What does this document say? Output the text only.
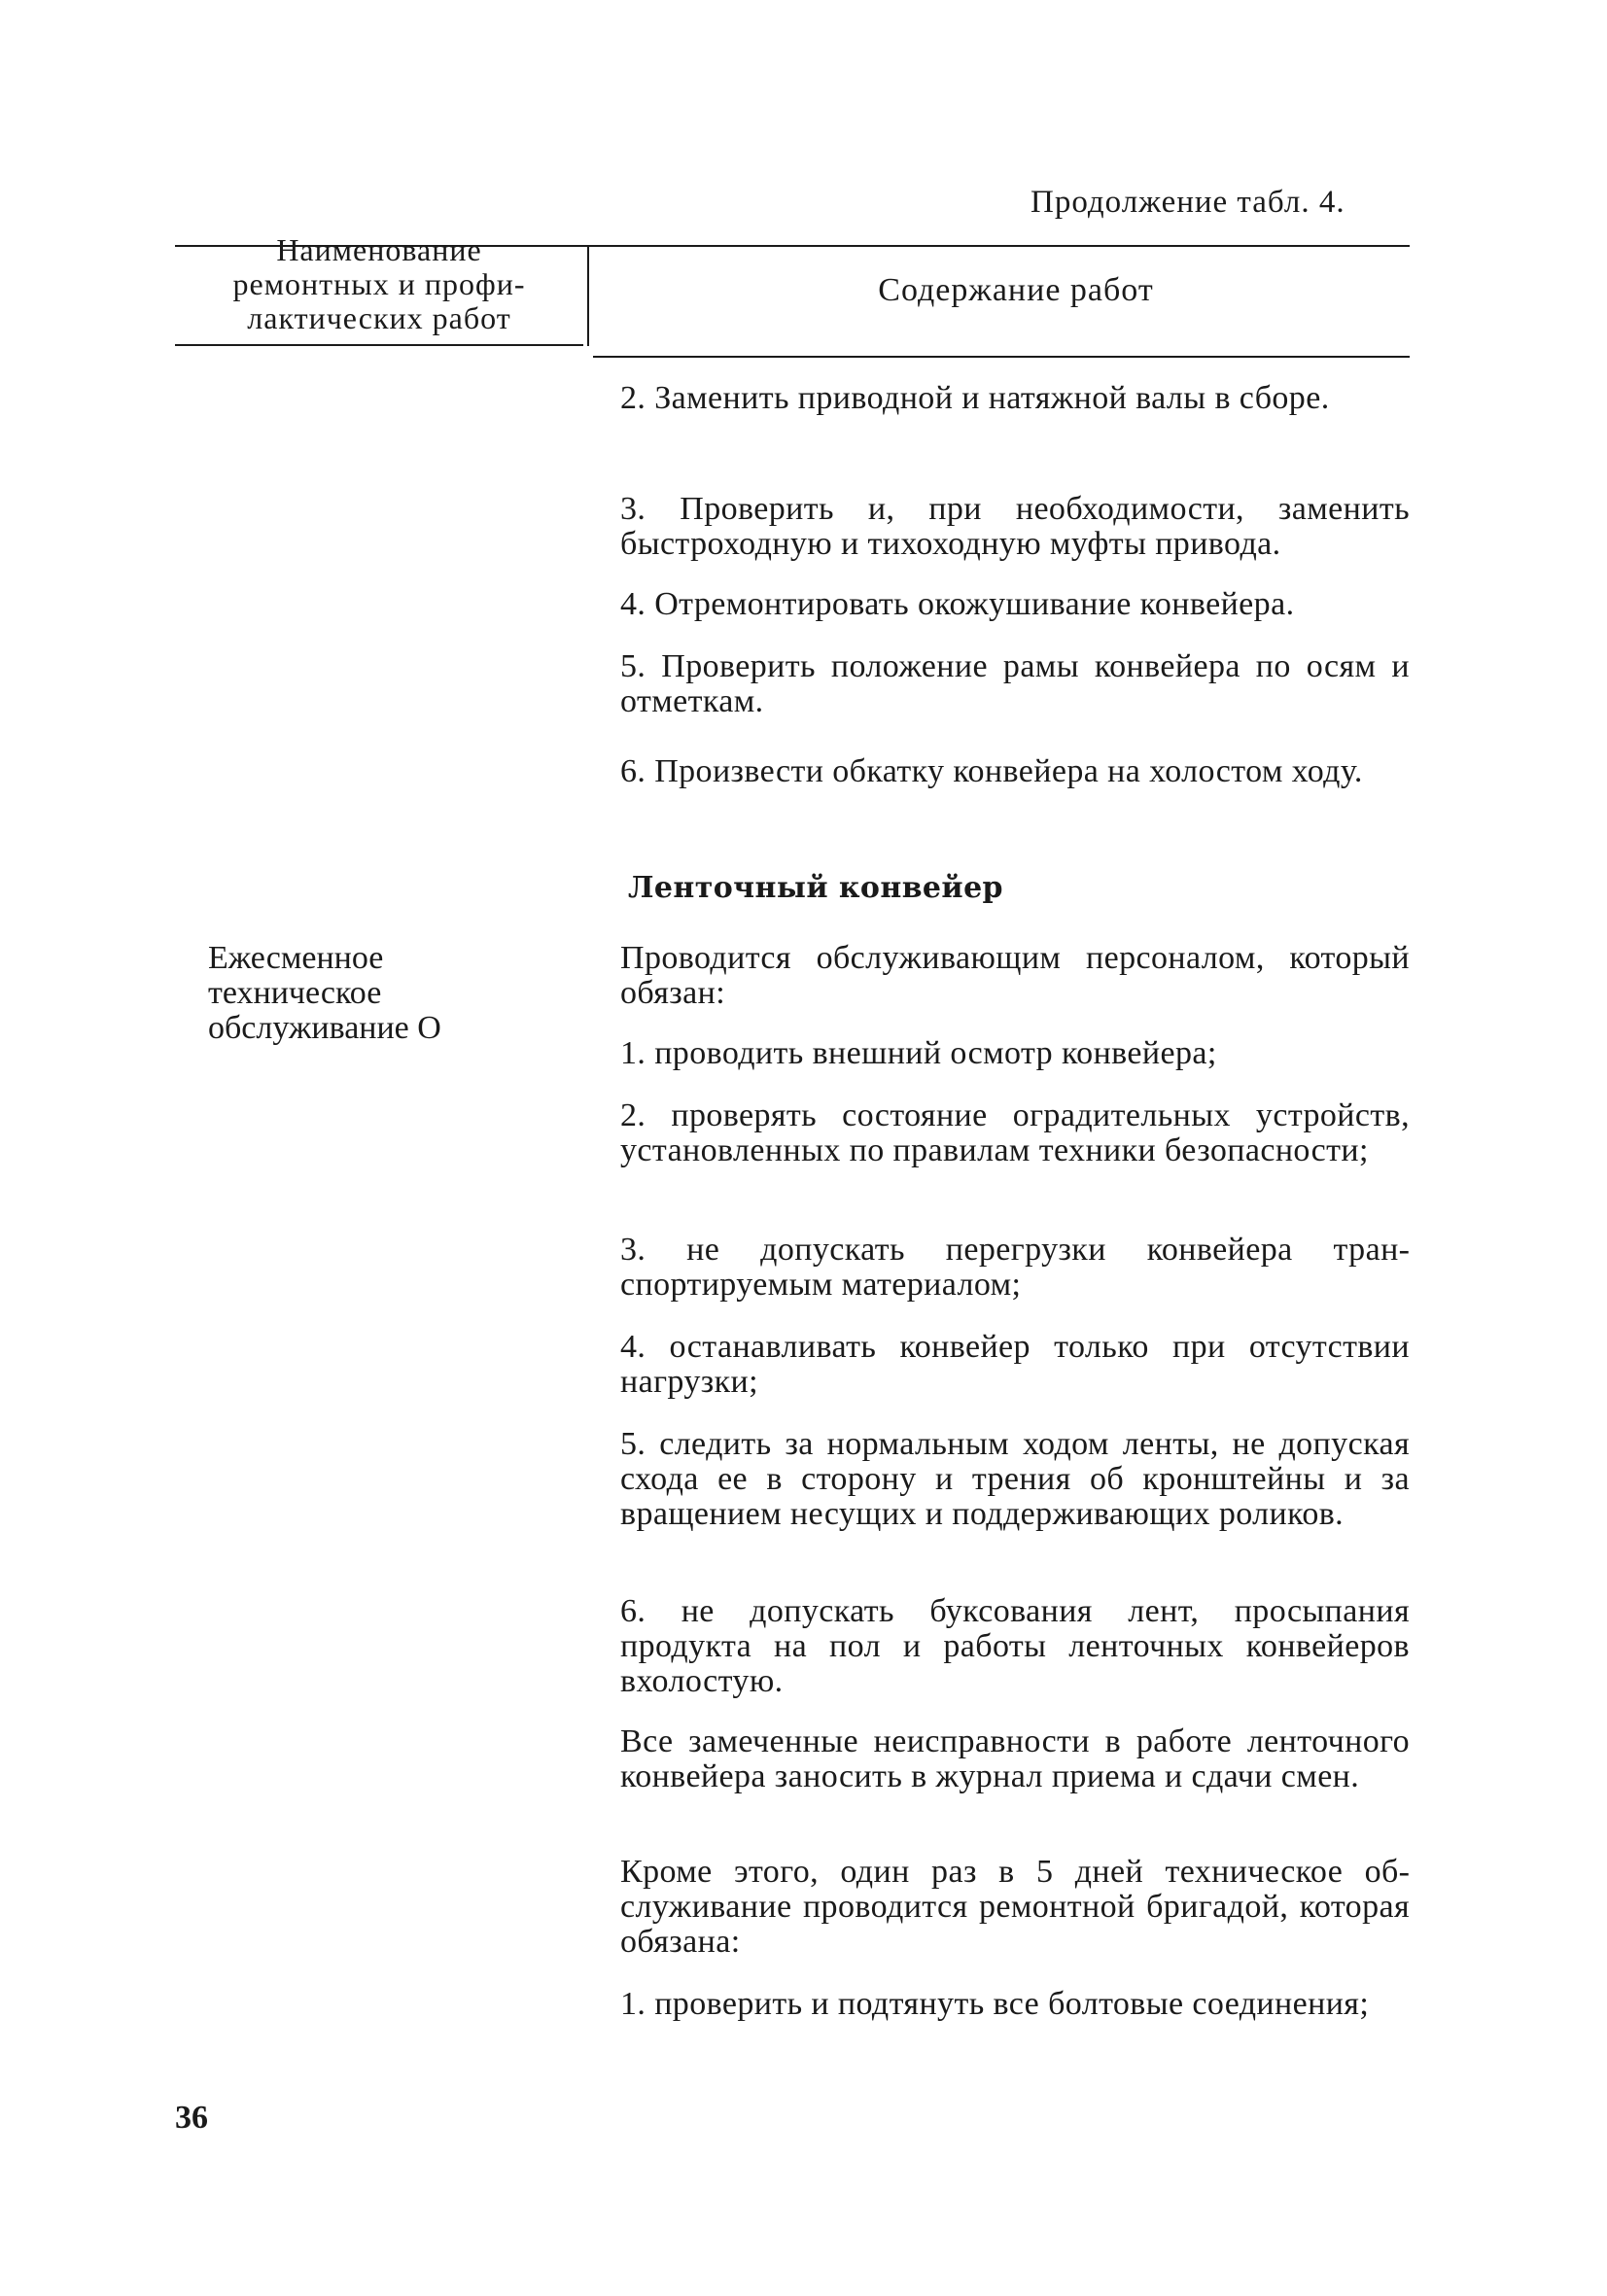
Продолжение табл. 4.
Наименование
ремонтных и профи-
лактических работ
Содержание работ
2. Заменить приводной и натяжной валы в сборе.
3. Проверить и, при необходимости, заменить быстроходную и тихоходную муфты привода.
4. Отремонтировать окожушивание конвейера.
5. Проверить положение рамы конвейера по осям и отметкам.
6. Произвести обкатку конвейера на холостом ходу.
Ленточный конвейер
Ежесменное
техническое
обслуживание О
Проводится обслуживающим персоналом, который обязан:
1. проводить внешний осмотр конвейера;
2. проверять состояние оградительных устройств, установленных по правилам техники безопасности;
3. не допускать перегрузки конвейера транспортируемым материалом;
4. останавливать конвейер только при отсутствии нагрузки;
5. следить за нормальным ходом ленты, не допуская схода ее в сторону и трения об кронштейны и за вращением несущих и поддерживающих роликов.
6. не допускать буксования лент, просыпания продукта на пол и работы ленточных конвейеров вхолостую.
Все замеченные неисправности в работе ленточного конвейера заносить в журнал приема и сдачи смен.
Кроме этого, один раз в 5 дней техническое обслуживание проводится ремонтной бригадой, которая обязана:
1. проверить и подтянуть все болтовые соединения;
36
